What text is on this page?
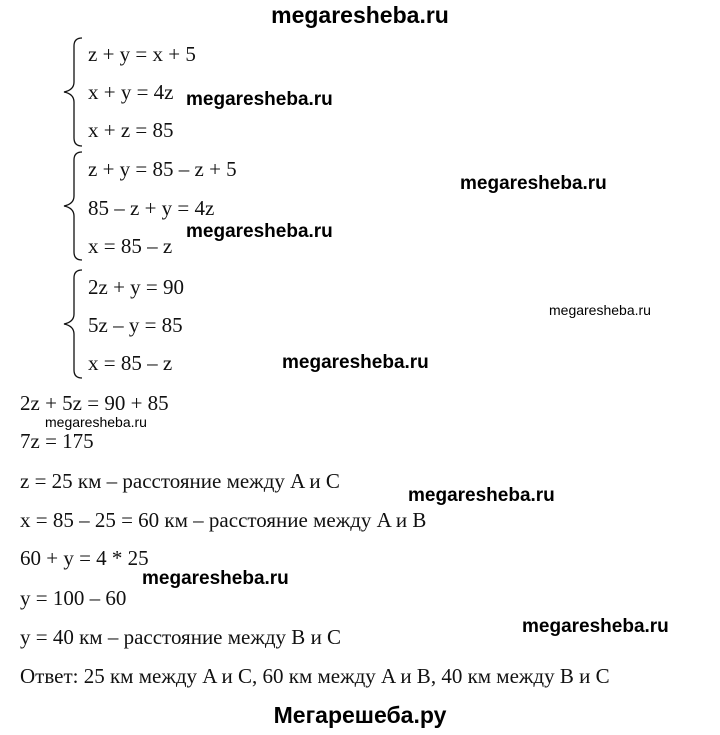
megaresheba.ru
z + y = x + 5
x + y = 4z
x + z = 85
z + y = 85 – z + 5
85 – z + y = 4z
x = 85 – z
2z + y = 90
5z – y = 85
x = 85 – z
2z + 5z = 90 + 85
7z = 175
z = 25 км – расстояние между A и C
x = 85 – 25 = 60 км – расстояние между A и B
60 + y = 4 * 25
y = 100 – 60
y = 40 км – расстояние между B и C
Ответ: 25 км между A и C, 60 км между A и B, 40 км между B и C
megaresheba.ru
megaresheba.ru
megaresheba.ru
megaresheba.ru
megaresheba.ru
megaresheba.ru
megaresheba.ru
megaresheba.ru
megaresheba.ru
Мегарешеба.ру
